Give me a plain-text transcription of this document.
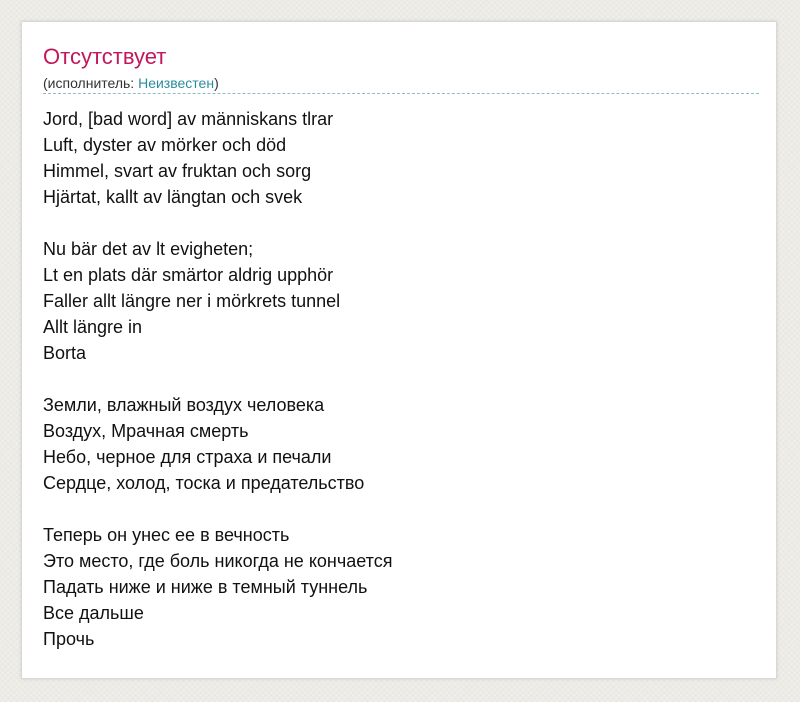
Отсутствует
(исполнитель: Неизвестен)
Jord, [bad word] av människans tlrar
Luft, dyster av mörker och död
Himmel, svart av fruktan och sorg
Hjärtat, kallt av längtan och svek
Nu bär det av lt evigheten;
Lt en plats där smärtor aldrig upphör
Faller allt längre ner i mörkrets tunnel
Allt längre in
Borta
Земли, влажный воздух человека
Воздух, Мрачная смерть
Небо, черное для страха и печали
Сердце, холод, тоска и предательство
Теперь он унес ее в вечность
Это место, где боль никогда не кончается
Падать ниже и ниже в темный туннель
Все дальше
Прочь
